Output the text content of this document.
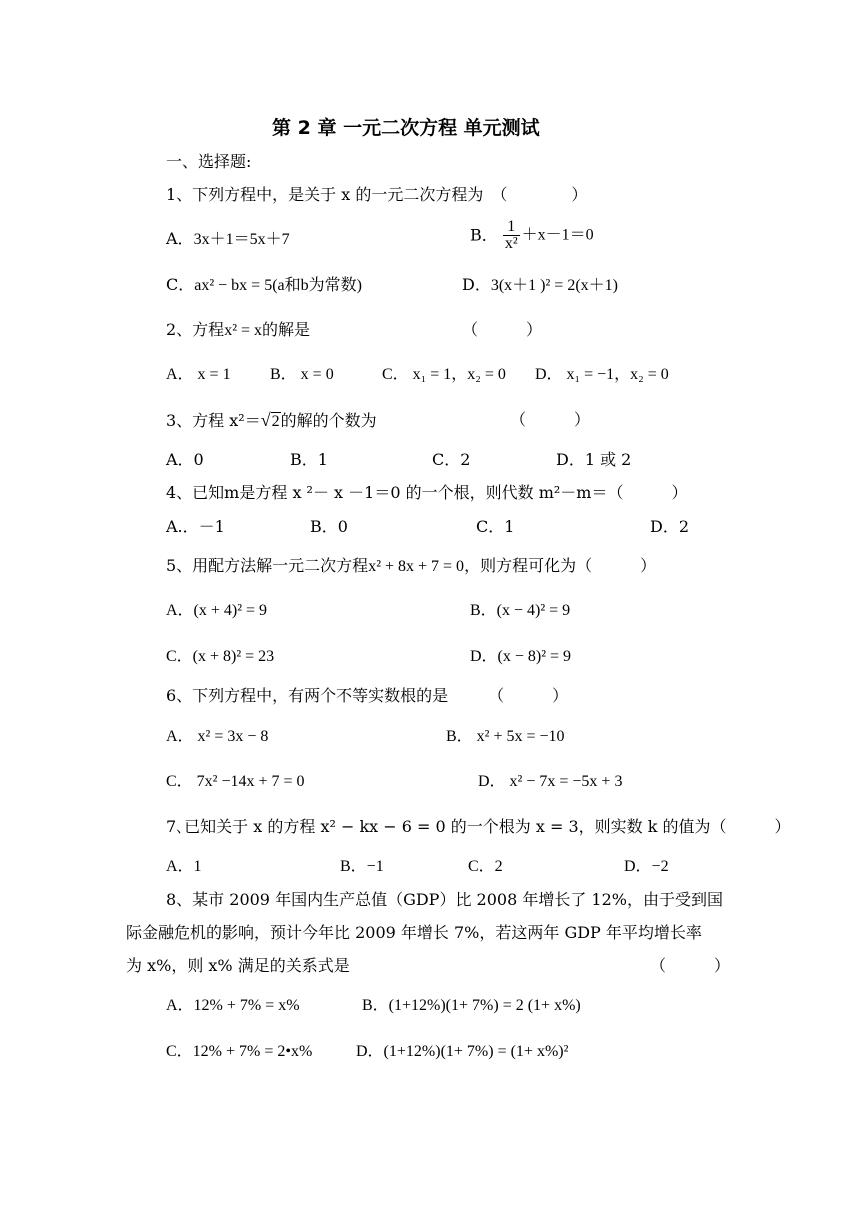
第 2 章 一元二次方程 单元测试
一、选择题:
1、下列方程中，是关于 x 的一元二次方程为　（　　　　）
A．3x＋1＝5x＋7	B． $\frac{1}{\text{x²}} +x-1=0$
C．ax² − bx = 5(a和b为常数)	D．3(x＋1 )² = 2(x＋1)
2、方程x² = x的解是	（　　　）
A． x = 1 B． x = 0	C． x₁ = 1，x₂ = 0 D． x₁ = −1，x₂ = 0
3、方程 x²＝√2的解的个数为	（　　　）
A．0	B．1	C．2	D．1 或 2
4、已知m是方程 x ²－ x －1＝0 的一个根，则代数 m²－m＝（　　　）
A.．－1	B．0	C．1	D．2
5、用配方法解一元二次方程x² + 8x + 7 = 0，则方程可化为（　　　）
A．(x + 4)² = 9	B．(x − 4)² = 9
C．(x + 8)² = 23	D．(x − 8)² = 9
6、下列方程中，有两个不等实数根的是　　　（　　　）
A． x² = 3x − 8	B． x² + 5x = −10
C． 7x² −14x + 7 = 0	D． x² − 7x = −5x + 3
7､已知关于 x 的方程 x² − kx − 6 = 0 的一个根为 x = 3，则实数 k 的值为（　　　）
A．1	B．−1	C．2	D．−2
8、某市 2009 年国内生产总值（GDP）比 2008 年增长了 12%，由于受到国
际金融危机的影响，预计今年比 2009 年增长 7%，若这两年 GDP 年平均增长率
为 x%，则 x% 满足的关系式是	（　　　）
A．12% + 7% = x%	B．(1+12%)(1+ 7%) = 2 (1+ x%)
C．12% + 7% = 2•x%	D．(1+12%)(1+ 7%) = (1+ x%)²
